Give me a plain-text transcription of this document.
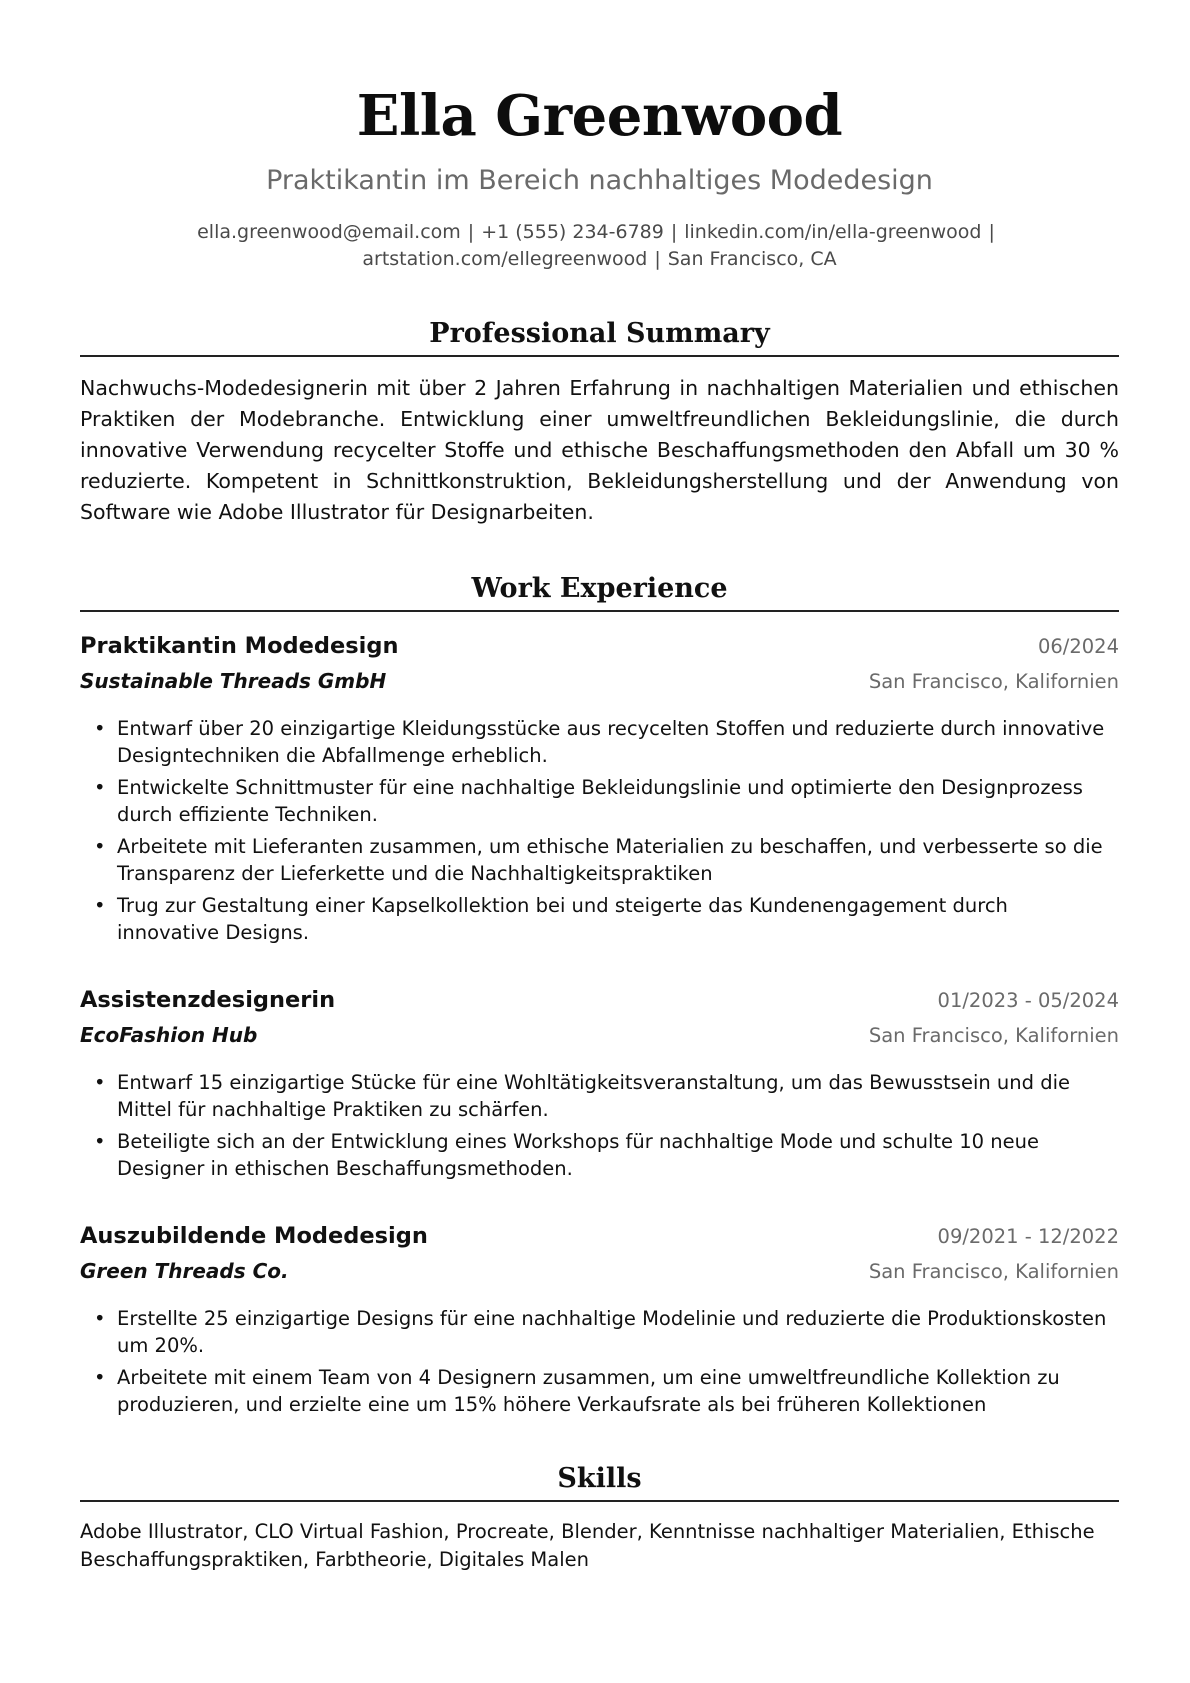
Ella Greenwood
Praktikantin im Bereich nachhaltiges Modedesign
ella.greenwood@email.com | +1 (555) 234-6789 | linkedin.com/in/ella-greenwood |
artstation.com/ellegreenwood | San Francisco, CA
Professional Summary
Nachwuchs-Modedesignerin mit über 2 Jahren Erfahrung in nachhaltigen Materialien und ethischen Praktiken der Modebranche. Entwicklung einer umweltfreundlichen Bekleidungslinie, die durch innovative Verwendung recycelter Stoffe und ethische Beschaffungsmethoden den Abfall um 30 % reduzierte. Kompetent in Schnittkonstruktion, Bekleidungsherstellung und der Anwendung von Software wie Adobe Illustrator für Designarbeiten.
Work Experience
Praktikantin Modedesign	06/2024
Sustainable Threads GmbH	San Francisco, Kalifornien
• Entwarf über 20 einzigartige Kleidungsstücke aus recycelten Stoffen und reduzierte durch innovative Designtechniken die Abfallmenge erheblich.
• Entwickelte Schnittmuster für eine nachhaltige Bekleidungslinie und optimierte den Designprozess durch effiziente Techniken.
• Arbeitete mit Lieferanten zusammen, um ethische Materialien zu beschaffen, und verbesserte so die Transparenz der Lieferkette und die Nachhaltigkeitspraktiken
• Trug zur Gestaltung einer Kapselkollektion bei und steigerte das Kundenengagement durch innovative Designs.
Assistenzdesignerin	01/2023 - 05/2024
EcoFashion Hub	San Francisco, Kalifornien
• Entwarf 15 einzigartige Stücke für eine Wohltätigkeitsveranstaltung, um das Bewusstsein und die Mittel für nachhaltige Praktiken zu schärfen.
• Beteiligte sich an der Entwicklung eines Workshops für nachhaltige Mode und schulte 10 neue Designer in ethischen Beschaffungsmethoden.
Auszubildende Modedesign	09/2021 - 12/2022
Green Threads Co.	San Francisco, Kalifornien
• Erstellte 25 einzigartige Designs für eine nachhaltige Modelinie und reduzierte die Produktionskosten um 20%.
• Arbeitete mit einem Team von 4 Designern zusammen, um eine umweltfreundliche Kollektion zu produzieren, und erzielte eine um 15% höhere Verkaufsrate als bei früheren Kollektionen
Skills
Adobe Illustrator, CLO Virtual Fashion, Procreate, Blender, Kenntnisse nachhaltiger Materialien, Ethische Beschaffungspraktiken, Farbtheorie, Digitales Malen
